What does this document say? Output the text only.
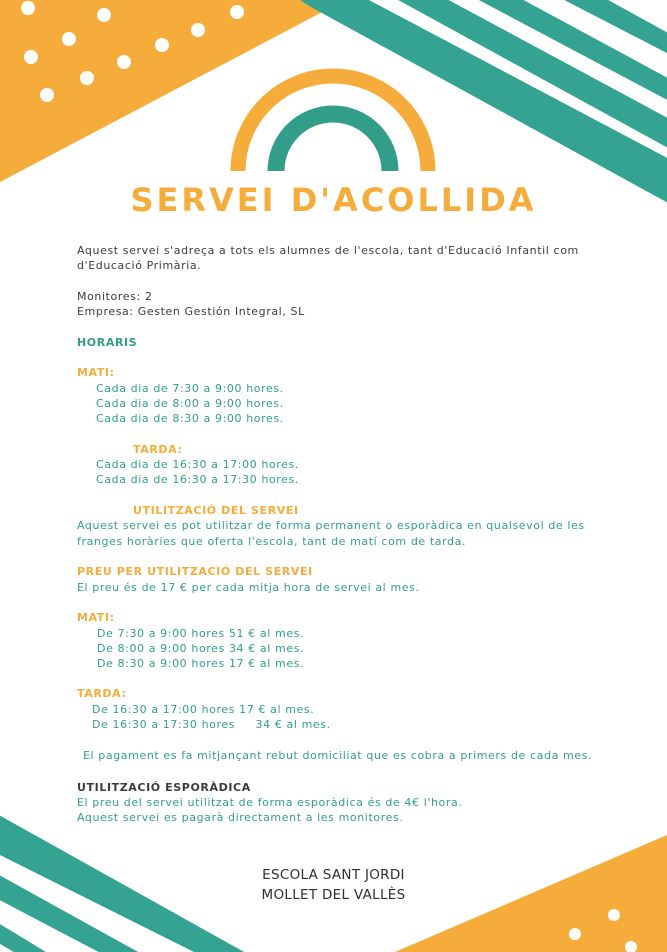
SERVEI D'ACOLLIDA

Aquest servei s'adreça a tots els alumnes de l'escola, tant d'Educació Infantil com

d'Educació Primària.

Monitores: 2

Empresa: Gesten Gestión Integral, SL

HORARIS

MATI:

Cada dia de 7:30 a 9:00 hores.

Cada dia de 8:00 a 9:00 hores.

Cada dia de 8:30 a 9:00 hores.

TARDA:

Cada dia de 16:30 a 17:00 hores.

Cada dia de 16:30 a 17:30 hores.

UTILITZACIÓ DEL SERVEI

Aquest servei es pot utilitzar de forma permanent o esporàdica en qualsevol de les

franges horàries que oferta l'escola, tant de matí com de tarda.

PREU PER UTILITZACIÓ DEL SERVEI

El preu és de 17 € per cada mitja hora de servei al mes.

MATI:

De 7:30 a 9:00 hores 51 € al mes.

De 8:00 a 9:00 hores 34 € al mes.

De 8:30 a 9:00 hores 17 € al mes.

TARDA:

De 16:30 a 17:00 hores 17 € al mes.

De 16:30 a 17:30 hores     34 € al mes.

El pagament es fa mitjançant rebut domiciliat que es cobra a primers de cada mes.

UTILITZACIÓ ESPORÀDICA

El preu del servei utilitzat de forma esporàdica és de 4€ l'hora.

Aquest servei es pagarà directament a les monitores.

ESCOLA SANT JORDI

MOLLET DEL VALLÈS
